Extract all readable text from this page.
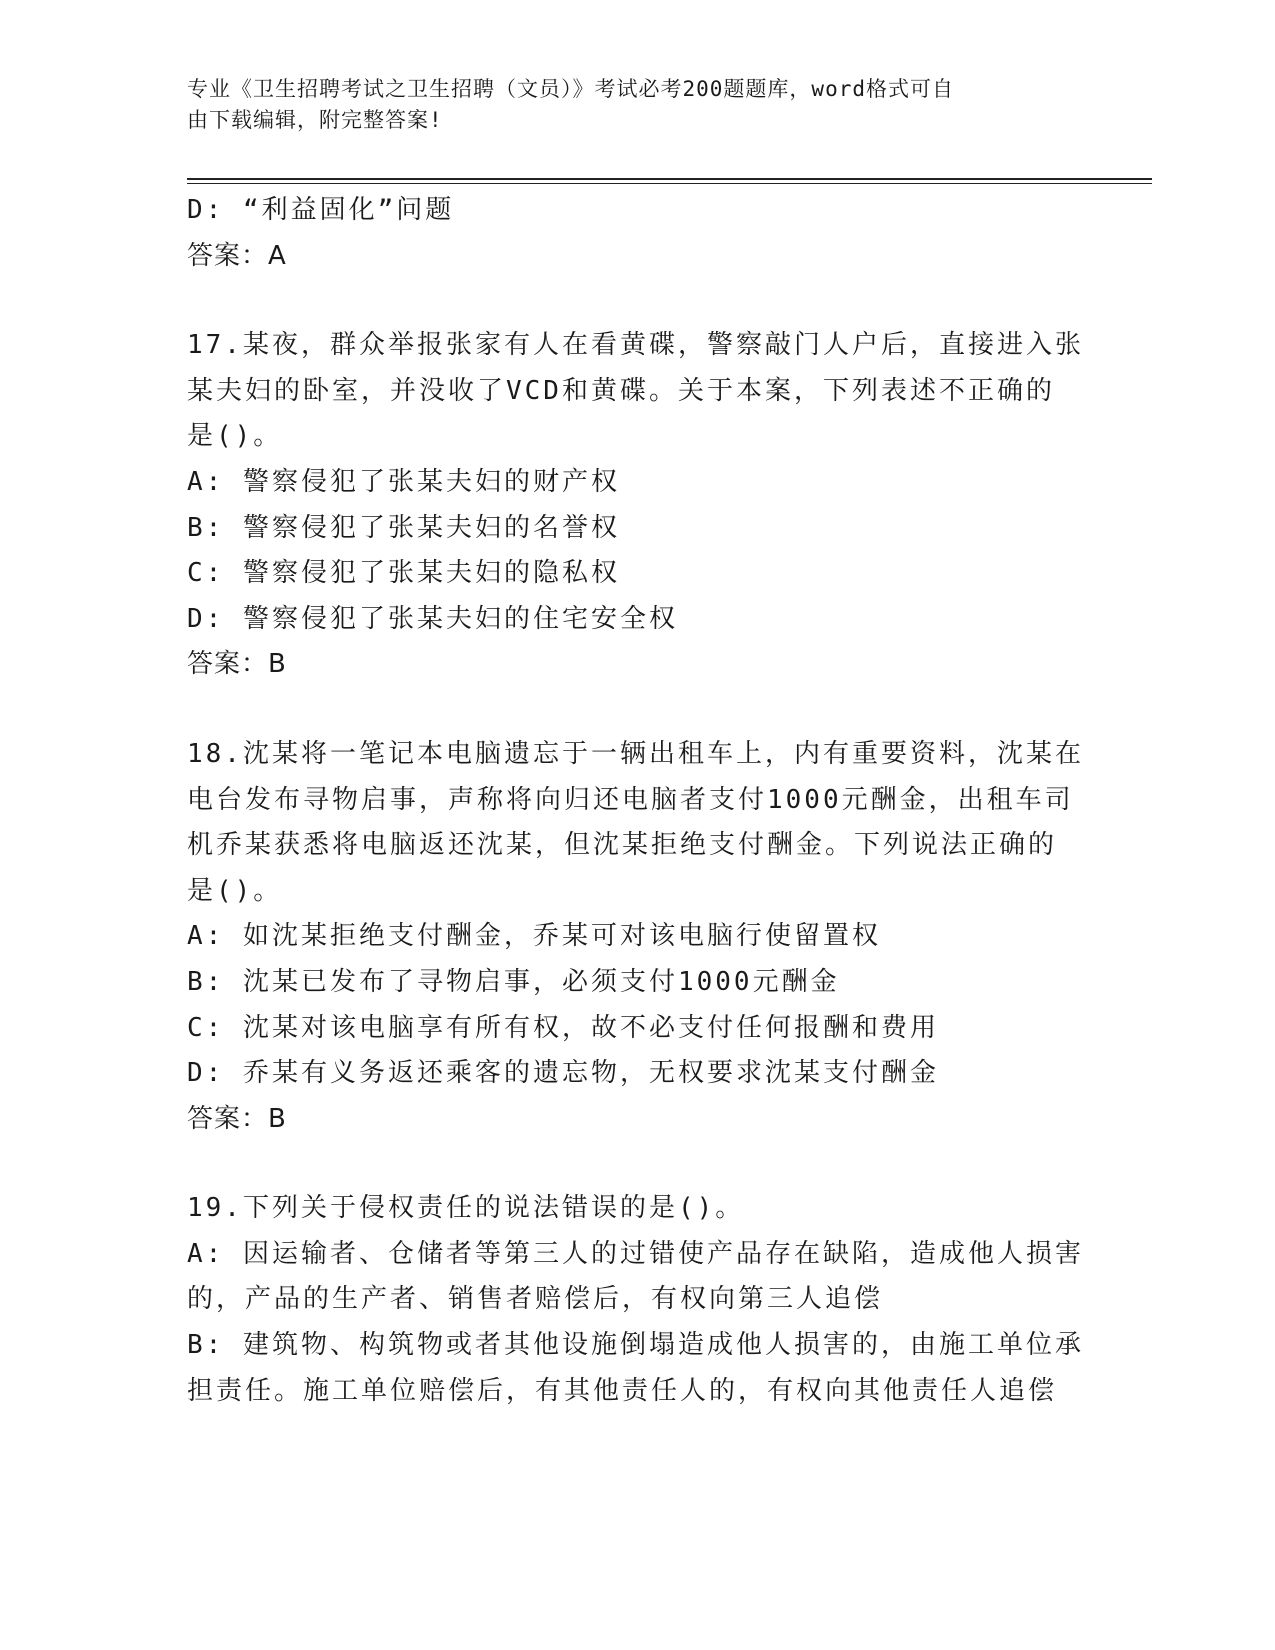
专业《卫生招聘考试之卫生招聘（文员）》考试必考200题题库，word格式可自
由下载编辑，附完整答案!
D: “利益固化”问题
答案：A
17.某夜，群众举报张家有人在看黄碟，警察敲门人户后，直接进入张
某夫妇的卧室，并没收了VCD和黄碟。关于本案，下列表述不正确的
是()。
A: 警察侵犯了张某夫妇的财产权
B: 警察侵犯了张某夫妇的名誉权
C: 警察侵犯了张某夫妇的隐私权
D: 警察侵犯了张某夫妇的住宅安全权
答案：B
18.沈某将一笔记本电脑遗忘于一辆出租车上，内有重要资料，沈某在
电台发布寻物启事，声称将向归还电脑者支付1000元酬金，出租车司
机乔某获悉将电脑返还沈某，但沈某拒绝支付酬金。下列说法正确的
是()。
A: 如沈某拒绝支付酬金，乔某可对该电脑行使留置权
B: 沈某已发布了寻物启事，必须支付1000元酬金
C: 沈某对该电脑享有所有权，故不必支付任何报酬和费用
D: 乔某有义务返还乘客的遗忘物，无权要求沈某支付酬金
答案：B
19.下列关于侵权责任的说法错误的是()。
A: 因运输者、仓储者等第三人的过错使产品存在缺陷，造成他人损害
的，产品的生产者、销售者赔偿后，有权向第三人追偿
B: 建筑物、构筑物或者其他设施倒塌造成他人损害的，由施工单位承
担责任。施工单位赔偿后，有其他责任人的，有权向其他责任人追偿
